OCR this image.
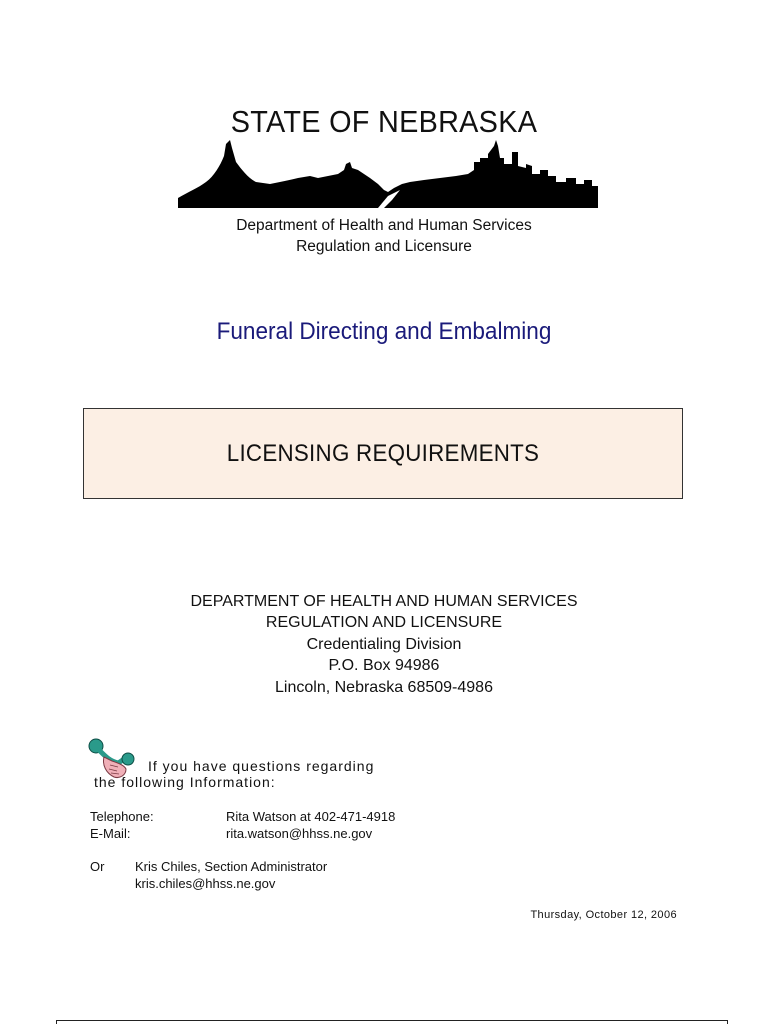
STATE OF NEBRASKA
Department of Health and Human Services
Regulation and Licensure
Funeral Directing and Embalming
LICENSING REQUIREMENTS
DEPARTMENT OF HEALTH AND HUMAN SERVICES
REGULATION AND LICENSURE
Credentialing Division
P.O. Box 94986
Lincoln, Nebraska 68509-4986
If you have questions regarding
the following Information:
Telephone:	Rita Watson at 402-471-4918
E-Mail:	rita.watson@hhss.ne.gov
Or Kris Chiles, Section Administrator
kris.chiles@hhss.ne.gov
Thursday, October 12, 2006
